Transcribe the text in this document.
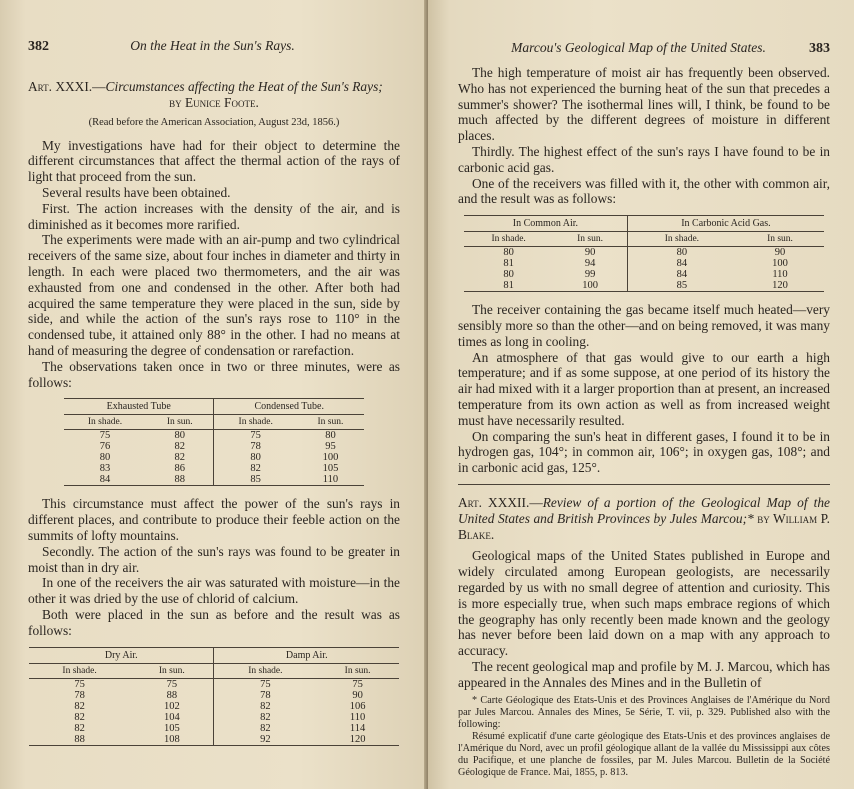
382	On the Heat in the Sun's Rays.
Art. XXXI.—Circumstances affecting the Heat of the Sun's Rays;
by Eunice Foote.
(Read before the American Association, August 23d, 1856.)

My investigations have had for their object to determine the different circumstances that affect the thermal action of the rays of light that proceed from the sun.

Several results have been obtained.

First. The action increases with the density of the air, and is diminished as it becomes more rarified.

The experiments were made with an air-pump and two cylindrical receivers of the same size, about four inches in diameter and thirty in length. In each were placed two thermometers, and the air was exhausted from one and condensed in the other. After both had acquired the same temperature they were placed in the sun, side by side, and while the action of the sun's rays rose to 110° in the condensed tube, it attained only 88° in the other. I had no means at hand of measuring the degree of condensation or rarefaction.

The observations taken once in two or three minutes, were as follows:

Exhausted Tube		Condensed Tube.	
In shade.	In sun.	In shade.	In sun.
75	80	75	80
76	82	78	95
80	82	80	100
83	86	82	105
84	88	85	110

This circumstance must affect the power of the sun's rays in different places, and contribute to produce their feeble action on the summits of lofty mountains.

Secondly. The action of the sun's rays was found to be greater in moist than in dry air.

In one of the receivers the air was saturated with moisture—in the other it was dried by the use of chlorid of calcium.

Both were placed in the sun as before and the result was as follows:

Dry Air.		Damp Air.	
In shade.	In sun.	In shade.	In sun.
75	75	75	75
78	88	78	90
82	102	82	106
82	104	82	110
82	105	82	114
88	108	92	120
Marcou's Geological Map of the United States.	383

The high temperature of moist air has frequently been observed. Who has not experienced the burning heat of the sun that precedes a summer's shower? The isothermal lines will, I think, be found to be much affected by the different degrees of moisture in different places.

Thirdly. The highest effect of the sun's rays I have found to be in carbonic acid gas.

One of the receivers was filled with it, the other with common air, and the result was as follows:

In Common Air.		In Carbonic Acid Gas.	
In shade.	In sun.	In shade.	In sun.
80	90	80	90
81	94	84	100
80	99	84	110
81	100	85	120

The receiver containing the gas became itself much heated—very sensibly more so than the other—and on being removed, it was many times as long in cooling.

An atmosphere of that gas would give to our earth a high temperature; and if as some suppose, at one period of its history the air had mixed with it a larger proportion than at present, an increased temperature from its own action as well as from increased weight must have necessarily resulted.

On comparing the sun's heat in different gases, I found it to be in hydrogen gas, 104°; in common air, 106°; in oxygen gas, 108°; and in carbonic acid gas, 125°.

Art. XXXII.—Review of a portion of the Geological Map of the United States and British Provinces by Jules Marcou;* by William P. Blake.

Geological maps of the United States published in Europe and widely circulated among European geologists, are necessarily regarded by us with no small degree of attention and curiosity. This is more especially true, when such maps embrace regions of which the geography has only recently been made known and the geology has never before been laid down on a map with any approach to accuracy.

The recent geological map and profile by M. J. Marcou, which has appeared in the Annales des Mines and in the Bulletin of

* Carte Géologique des Etats-Unis et des Provinces Anglaises de l'Amérique du Nord par Jules Marcou. Annales des Mines, 5e Série, T. vii, p. 329. Published also with the following:

Résumé explicatif d'une carte géologique des Etats-Unis et des provinces anglaises de l'Amérique du Nord, avec un profil géologique allant de la vallée du Mississippi aux côtes du Pacifique, et une planche de fossiles, par M. Jules Marcou. Bulletin de la Société Géologique de France. Mai, 1855, p. 813.
